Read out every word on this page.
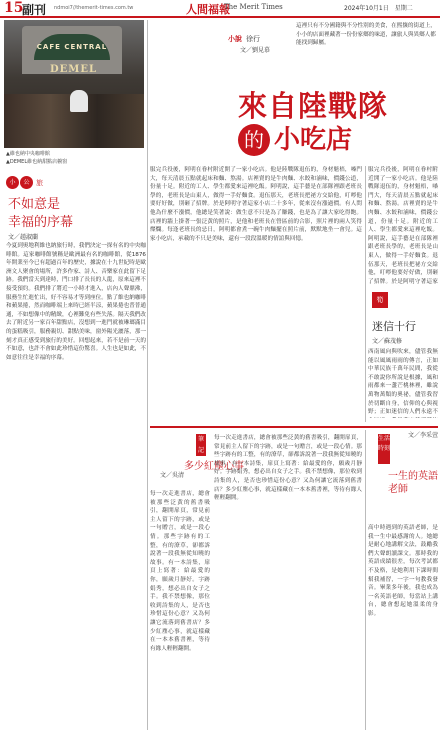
15
副刊 ndmoi7//themerit-times.com.tw	人間福報
The Merit Times	2024年10月1日　星期二
CAFE CENTRAL
DEMEL
▲維也納中央咖啡館
▲DEMEL維也納甜點店櫥窗
小	公 旅
不如意是
幸福的序幕
文／趙淑蘭
今夏到奧地利維也納旅行時，我們決定一探有名的中央咖啡館。這家咖啡館號稱是歐洲最有名的咖啡館，從1876年開業至今已有超過百年的歷史，據說在十九世紀時是歐洲文人聚會的場所，許多作家、詩人、音樂家在此留下足跡。我們當天到達時，門口排了長長的人龍，原來這裡不接受預約。我們排了將近一小時才進入，店內人聲鼎沸，服務生忙進忙出，好不容易才等到座位。點了維也納咖啡和蘋果捲，然而咖啡端上來時已經半涼，蘋果捲也普普通通，不如想像中的精緻，心裡難免有些失落。隔天我們改去了附近另一家百年甜點店，沒想到一進門就被琳瑯滿目的蛋糕吸引，服務親切、甜點美味，窗外陽光灑落，那一刻才真正感受到旅行的美好。回想起來，若不是前一天的不如意，也許不會如此珍惜這份驚喜。人生也是如此，不如意往往是幸福的序幕。
這裡只有不分國籍與不分性別的美食，在熙攘的街道上，小小的店面裡藏著一份份家鄉的味道，讓旅人與異鄉人都能找到歸屬。
小說 徐行
文／劉見慕
來自陸戰隊
的 小吃店
服完兵役後，阿明在眷村附近開了一家小吃店。他是陸戰隊退伍的，身材魁梧，嗓門大，每天清晨五點就起床和麵、熬湯。店裡賣的是牛肉麵、水餃和滷味，價錢公道，份量十足。附近的工人、學生都愛來這裡吃飯。阿明說，這手藝是在部隊裡跟老班長學的，老班長是山東人，做得一手好麵食。退伍那天，老班長把祕方交給他，叮嚀他要好好做，別砸了招牌。於是阿明守著這家小店二十多年，從來沒有漲過價。有人問他為什麼不漲價，他總是笑著說：做生意不只是為了賺錢，也是為了讓大家吃得飽。店裡的牆上掛著一張泛黃的照片，是他和老班長在營區前的合影，照片裡的兩人笑得燦爛。每逢老班長的忌日，阿明都會煮一碗牛肉麵擺在照片前，默默地坐一會兒。這家小吃店，承載的不只是美味，還有一段段溫暖的情誼與回憶。
服完兵役後，阿明在眷村附近開了一家小吃店。他是陸戰隊退伍的，身材魁梧，嗓門大，每天清晨五點就起床和麵、熬湯。店裡賣的是牛肉麵、水餃和滷味，價錢公道，份量十足。附近的工人、學生都愛來這裡吃飯。阿明說，這手藝是在部隊裡跟老班長學的，老班長是山東人，做得一手好麵食。退伍那天，老班長把祕方交給他，叮嚀他要好好做，別砸了招牌。於是阿明守著這家
筍
迷信十行
文／蘇茂修
西南風向與吹來，儘管我無能以風風雨雨的傳言，正如中華民族千萬年民間，我從不敢說你所說是根據，風和雨都來一盞芒桃林裡，雖說萬物萬類的奧祕，儘管我習於切斷自身，信仰的心與視野；正如迷信的人們永遠不
筆記
多少紅塵心事
文／吳清
每一次走進書店，總會被那些泛黃的舊書吸引，翻開扉頁，常見前主人留下的字跡，或是一句贈言，或是一段心情。那些字跡有的工整，有的潦草，卻都訴說著一段我無從知曉的故事。有一本詩集，扉頁上寫著：給最愛的你，願歲月靜好。字跡娟秀，想必出自女子之手。我不禁想像，那位收到詩集的人，是否也珍惜這份心意？又為何讓它流落到舊書店？多少紅塵心事，就這樣藏在一本本舊書裡，等待有緣人輕輕翻開。
每一次走進書店，總會被那些泛黃的舊書吸引，翻開扉頁，常見前主人留下的字跡，或是一句贈言，或是一段心情。那些字跡有的工整，有的潦草，卻都訴說著一段我無從知曉的故事。有一本詩集，扉頁上寫著：給最愛的你，願歲月靜好。字跡娟秀，想必出自女子之手。我不禁想像，那位收到詩集的人，是否也珍惜這份心意？又為何讓它流落到舊書店？多少紅塵心事，就這樣藏在一本本舊書裡，等待有緣人輕輕翻開。
生活時刻
文／李采萱
一生的英語老師
高中時遇到的英語老師，是我一生中最感謝的人。她總是耐心地講解文法，鼓勵我們大聲朗讀課文。那時我的英語成績很差，每次考試都不及格，是她利用下課時間幫我補習，一字一句教我發音。畢業多年後，我也成為一名英語老師，每當站上講台，總會想起她溫柔的身影。
